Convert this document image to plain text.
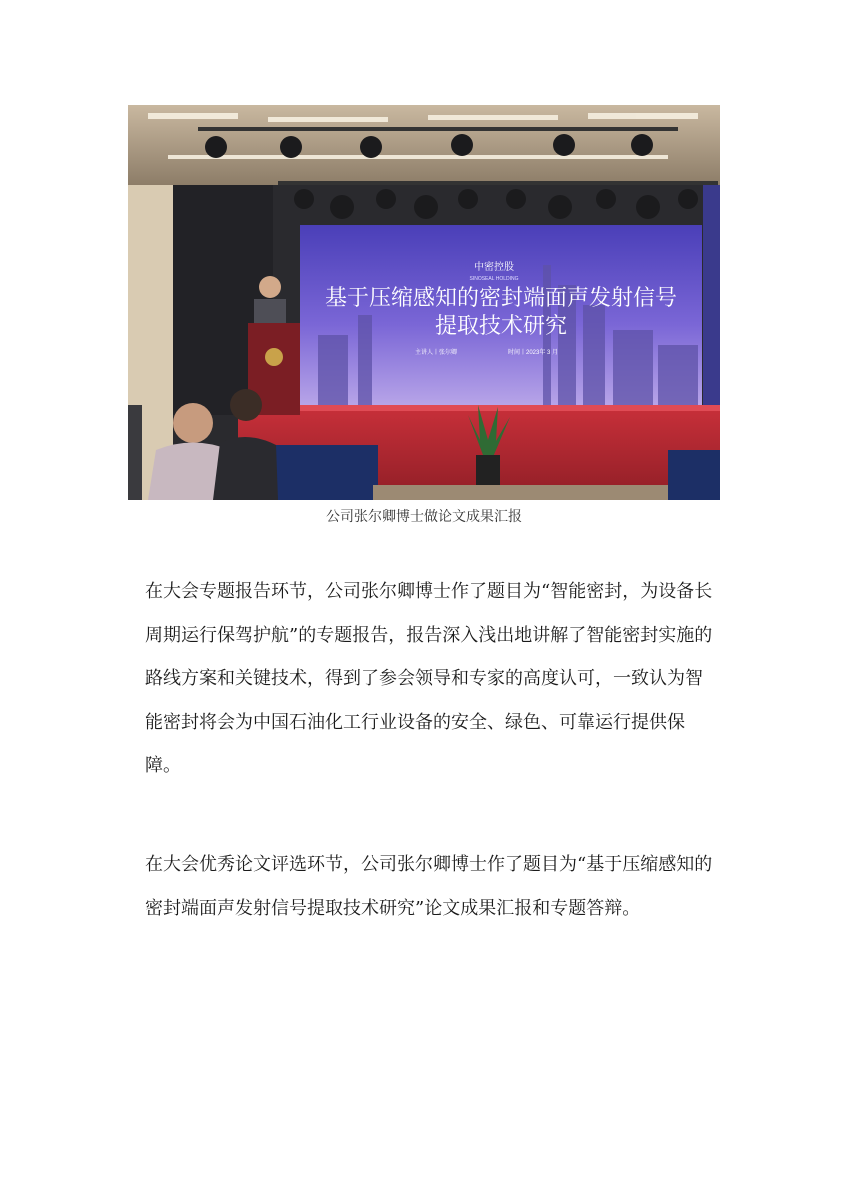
中密控股
SINOSEAL HOLDING
基于压缩感知的密封端面声发射信号
提取技术研究
主讲人丨张尔卿	时间丨2023年 3 月
公司张尔卿博士做论文成果汇报

在大会专题报告环节，公司张尔卿博士作了题目为“智能密封，为设备长周期运行保驾护航”的专题报告，报告深入浅出地讲解了智能密封实施的路线方案和关键技术，得到了参会领导和专家的高度认可，一致认为智能密封将会为中国石油化工行业设备的安全、绿色、可靠运行提供保障。

在大会优秀论文评选环节，公司张尔卿博士作了题目为“基于压缩感知的密封端面声发射信号提取技术研究”论文成果汇报和专题答辩。
